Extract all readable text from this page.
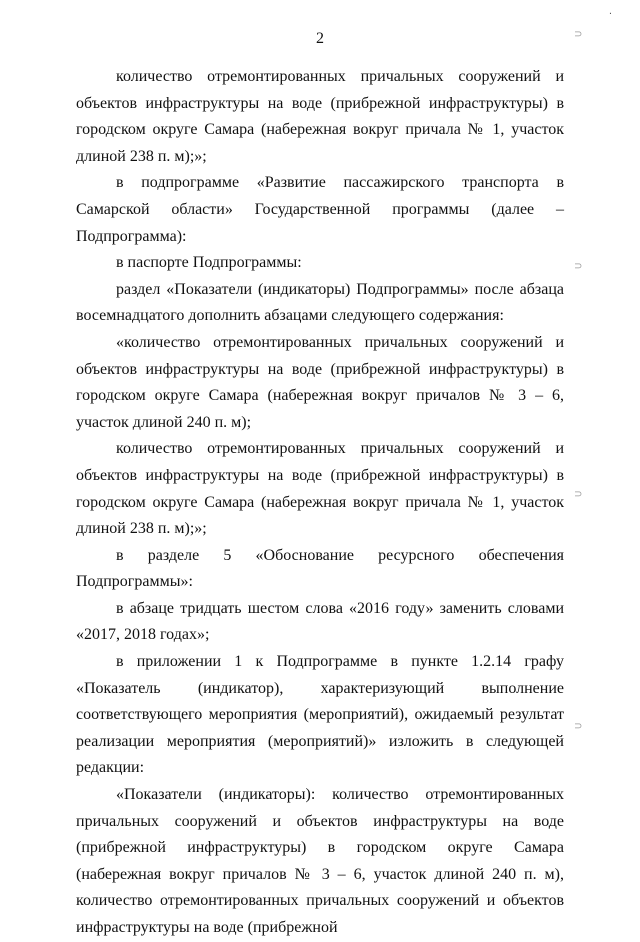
·
⊃
⊃
⊃
⊃
2

количество отремонтированных причальных сооружений и объектов инфраструктуры на воде (прибрежной инфраструктуры) в городском округе Самара (набережная вокруг причала № 1, участок длиной 238 п. м);»;

в подпрограмме «Развитие пассажирского транспорта в Самарской области» Государственной программы (далее – Подпрограмма):

в паспорте Подпрограммы:

раздел «Показатели (индикаторы) Подпрограммы» после абзаца восемнадцатого дополнить абзацами следующего содержания:

«количество отремонтированных причальных сооружений и объектов инфраструктуры на воде (прибрежной инфраструктуры) в городском округе Самара (набережная вокруг причалов № 3 – 6, участок длиной 240 п. м);

количество отремонтированных причальных сооружений и объектов инфраструктуры на воде (прибрежной инфраструктуры) в городском округе Самара (набережная вокруг причала № 1, участок длиной 238 п. м);»;

в разделе 5 «Обоснование ресурсного обеспечения Подпрограммы»:

в абзаце тридцать шестом слова «2016 году» заменить словами «2017, 2018 годах»;

в приложении 1 к Подпрограмме в пункте 1.2.14 графу «Показатель (индикатор), характеризующий выполнение соответствующего мероприятия (мероприятий), ожидаемый результат реализации мероприятия (мероприятий)» изложить в следующей редакции:

«Показатели (индикаторы): количество отремонтированных причальных сооружений и объектов инфраструктуры на воде (прибрежной инфраструктуры) в городском округе Самара (набережная вокруг причалов № 3 – 6, участок длиной 240 п. м), количество отремонтированных причальных сооружений и объектов инфраструктуры на воде (прибрежной
